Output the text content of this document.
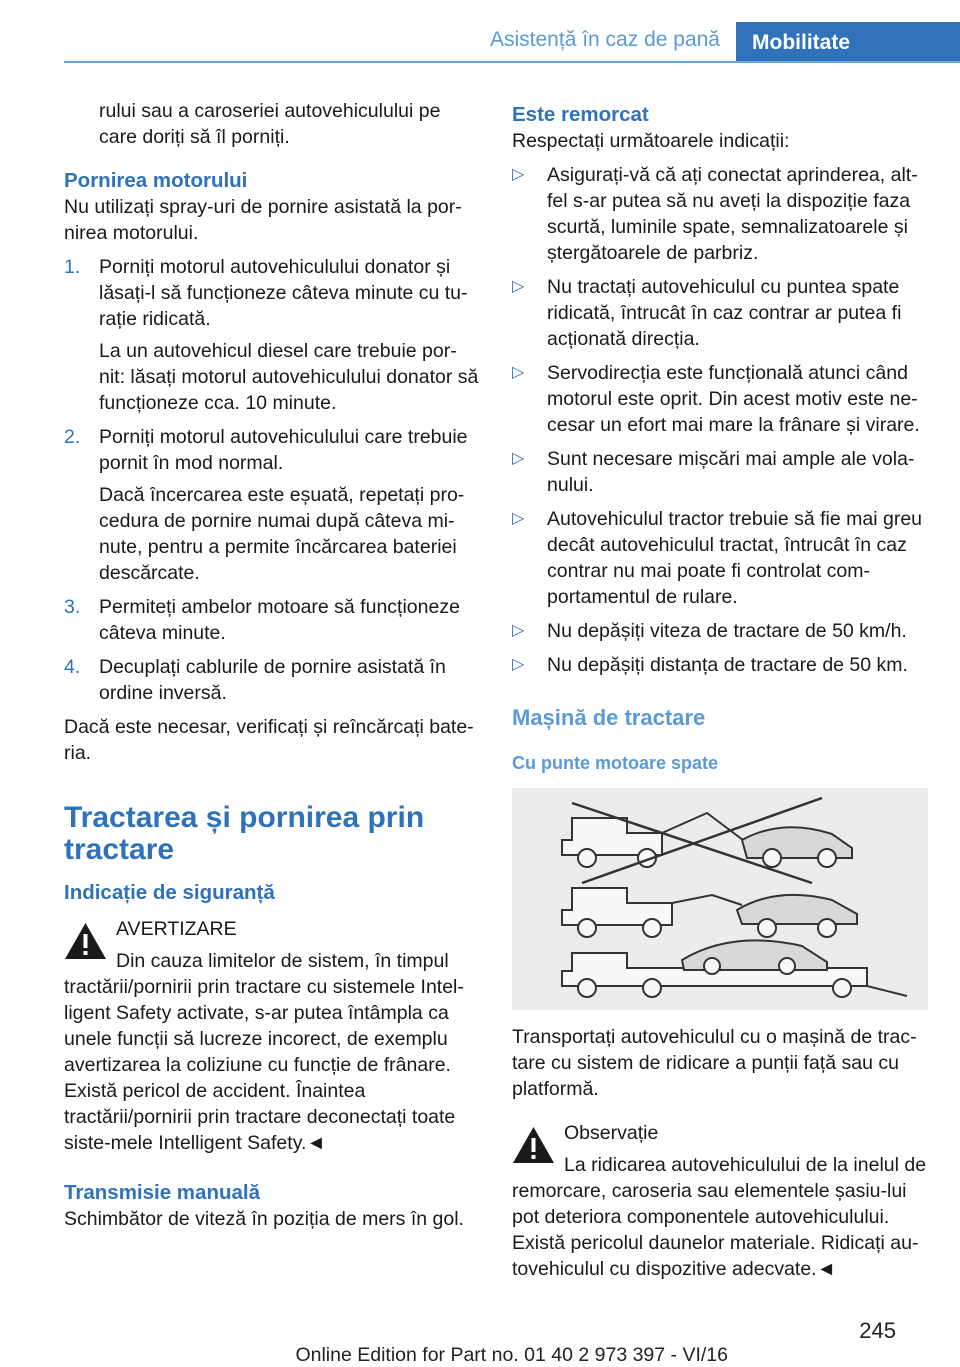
Asistență în caz de pană	Mobilitate

rului sau a caroseriei autovehiculului pe care doriți să îl porniți.

Pornirea motorului

Nu utilizați spray-uri de pornire asistată la por‐nirea motorului.

1. Porniți motorul autovehiculului donator și lăsați-l să funcționeze câteva minute cu tu‐rație ridicată.

La un autovehicul diesel care trebuie por‐nit: lăsați motorul autovehiculului donator să funcționeze cca. 10 minute.

2. Porniți motorul autovehiculului care trebuie pornit în mod normal.

Dacă încercarea este eșuată, repetați pro‐cedura de pornire numai după câteva mi‐nute, pentru a permite încărcarea bateriei descărcate.

3. Permiteți ambelor motoare să funcționeze câteva minute.

4. Decuplați cablurile de pornire asistată în ordine inversă.

Dacă este necesar, verificați și reîncărcați bate‐ria.

Tractarea și pornirea prin tractare
Indicație de siguranță

AVERTIZARE

Din cauza limitelor de sistem, în timpul tractării/pornirii prin tractare cu sistemele Intel‐ligent Safety activate, s-ar putea întâmpla ca unele funcții să lucreze incorect, de exemplu avertizarea la coliziune cu funcție de frânare. Există pericol de accident. Înaintea tractării/pornirii prin tractare deconectați toate siste‐mele Intelligent Safety.◄

Transmisie manuală

Schimbător de viteză în poziția de mers în gol.

Este remorcat

Respectați următoarele indicații:

▷ Asigurați-vă că ați conectat aprinderea, alt‐fel s-ar putea să nu aveți la dispoziție faza scurtă, luminile spate, semnalizatoarele și ștergătoarele de parbriz.

▷ Nu tractați autovehiculul cu puntea spate ridicată, întrucât în caz contrar ar putea fi acționată direcția.

▷ Servodirecția este funcțională atunci când motorul este oprit. Din acest motiv este ne‐cesar un efort mai mare la frânare și virare.

▷ Sunt necesare mișcări mai ample ale vola‐nului.

▷ Autovehiculul tractor trebuie să fie mai greu decât autovehiculul tractat, întrucât în caz contrar nu mai poate fi controlat com‐portamentul de rulare.

▷ Nu depășiți viteza de tractare de 50 km/h.

▷ Nu depășiți distanța de tractare de 50 km.

Mașină de tractare
Cu punte motoare spate

Transportați autovehiculul cu o mașină de trac‐tare cu sistem de ridicare a punții față sau cu platformă.

Observație

La ridicarea autovehiculului de la inelul de remorcare, caroseria sau elementele șasiu‐lui pot deteriora componentele autovehiculului. Există pericolul daunelor materiale. Ridicați au‐tovehiculul cu dispozitive adecvate.◄

245
Online Edition for Part no. 01 40 2 973 397 - VI/16
